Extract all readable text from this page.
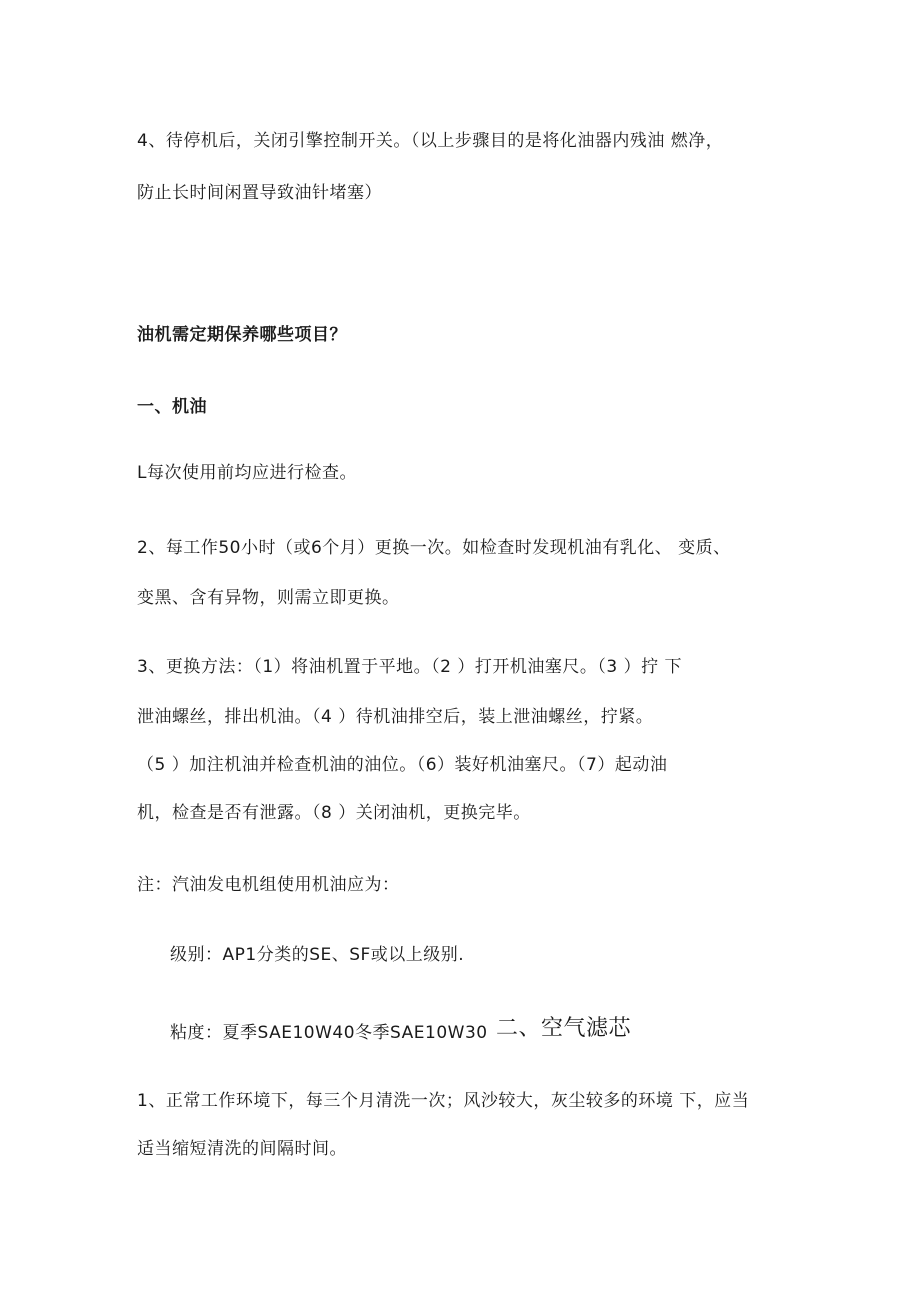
4、待停机后，关闭引擎控制开关。（以上步骤目的是将化油器内残油 燃净，
防止长时间闲置导致油针堵塞）
油机需定期保养哪些项目？
一、机油
L每次使用前均应进行检查。
2、每工作50小时（或6个月）更换一次。如检查时发现机油有乳化、 变质、
变黑、含有异物，则需立即更换。
3、更换方法：（1）将油机置于平地。（2 ）打开机油塞尺。（3 ）拧 下
泄油螺丝，排出机油。（4 ）待机油排空后，装上泄油螺丝，拧紧。
（5 ）加注机油并检查机油的油位。（6）装好机油塞尺。（7）起动油
机，检查是否有泄露。（8 ）关闭油机，更换完毕。
注：汽油发电机组使用机油应为：
级别：AP1分类的SE、SF或以上级别.
粘度：夏季SAE10W40冬季SAE10W30 二、空气滤芯
1、正常工作环境下，每三个月清洗一次；风沙较大，灰尘较多的环境 下，应当
适当缩短清洗的间隔时间。
